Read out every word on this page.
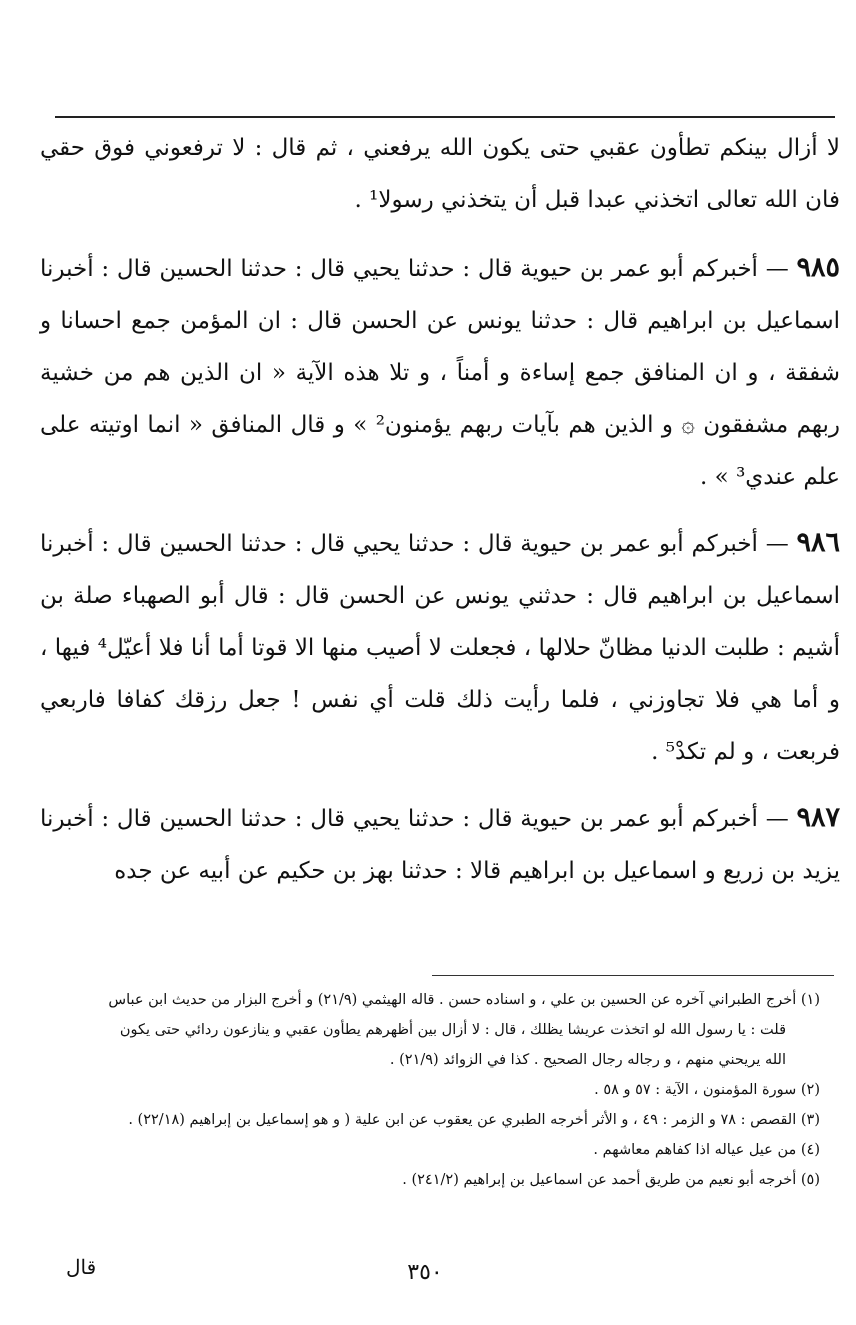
لا أزال بينكم تطأون عقبي حتى يكون الله يرفعني ، ثم قال : لا ترفعوني فوق حقي فان الله تعالى اتخذني عبدا قبل أن يتخذني رسولا¹ .

٩٨٥ — أخبركم أبو عمر بن حيوية قال : حدثنا يحيي قال : حدثنا الحسين قال : أخبرنا اسماعيل بن ابراهيم قال : حدثنا يونس عن الحسن قال : ان المؤمن جمع احسانا و شفقة ، و ان المنافق جمع إساءة و أمناً ، و تلا هذه الآية « ان الذين هم من خشية ربهم مشفقون ۞ و الذين هم بآيات ربهم يؤمنون² » و قال المنافق « انما اوتيته على علم عندي³ » .

٩٨٦ — أخبركم أبو عمر بن حيوية قال : حدثنا يحيي قال : حدثنا الحسين قال : أخبرنا اسماعيل بن ابراهيم قال : حدثني يونس عن الحسن قال : قال أبو الصهباء صلة بن أشيم : طلبت الدنيا مظانّ حلالها ، فجعلت لا أصيب منها الا قوتا أما أنا فلا أعيّل⁴ فيها ، و أما هي فلا تجاوزني ، فلما رأيت ذلك قلت أي نفس ! جعل رزقك كفافا فاربعي فربعت ، و لم تكدْ⁵ .

٩٨٧ — أخبركم أبو عمر بن حيوية قال : حدثنا يحيي قال : حدثنا الحسين قال : أخبرنا يزيد بن زريع و اسماعيل بن ابراهيم قالا : حدثنا بهز بن حكيم عن أبيه عن جده

(١) أخرج الطبراني آخره عن الحسين بن علي ، و اسناده حسن . قاله الهيثمي (٢١/٩) و أخرج البزار من حديث ابن عباس
قلت : يا رسول الله لو اتخذت عريشا يظلك ، قال : لا أزال بين أظهرهم يطأون عقبي و ينازعون ردائي حتى يكون
الله يريحني منهم ، و رجاله رجال الصحيح . كذا في الزوائد (٢١/٩) .
(٢) سورة المؤمنون ، الآية : ٥٧ و ٥٨ .
(٣) القصص : ٧٨ و الزمر : ٤٩ ، و الأثر أخرجه الطبري عن يعقوب عن ابن علية ( و هو إسماعيل بن إبراهيم (٢٢/١٨) .
(٤) من عيل عياله اذا كفاهم معاشهم .
(٥) أخرجه أبو نعيم من طريق أحمد عن اسماعيل بن إبراهيم (٢٤١/٢) .
قال	٣٥٠
